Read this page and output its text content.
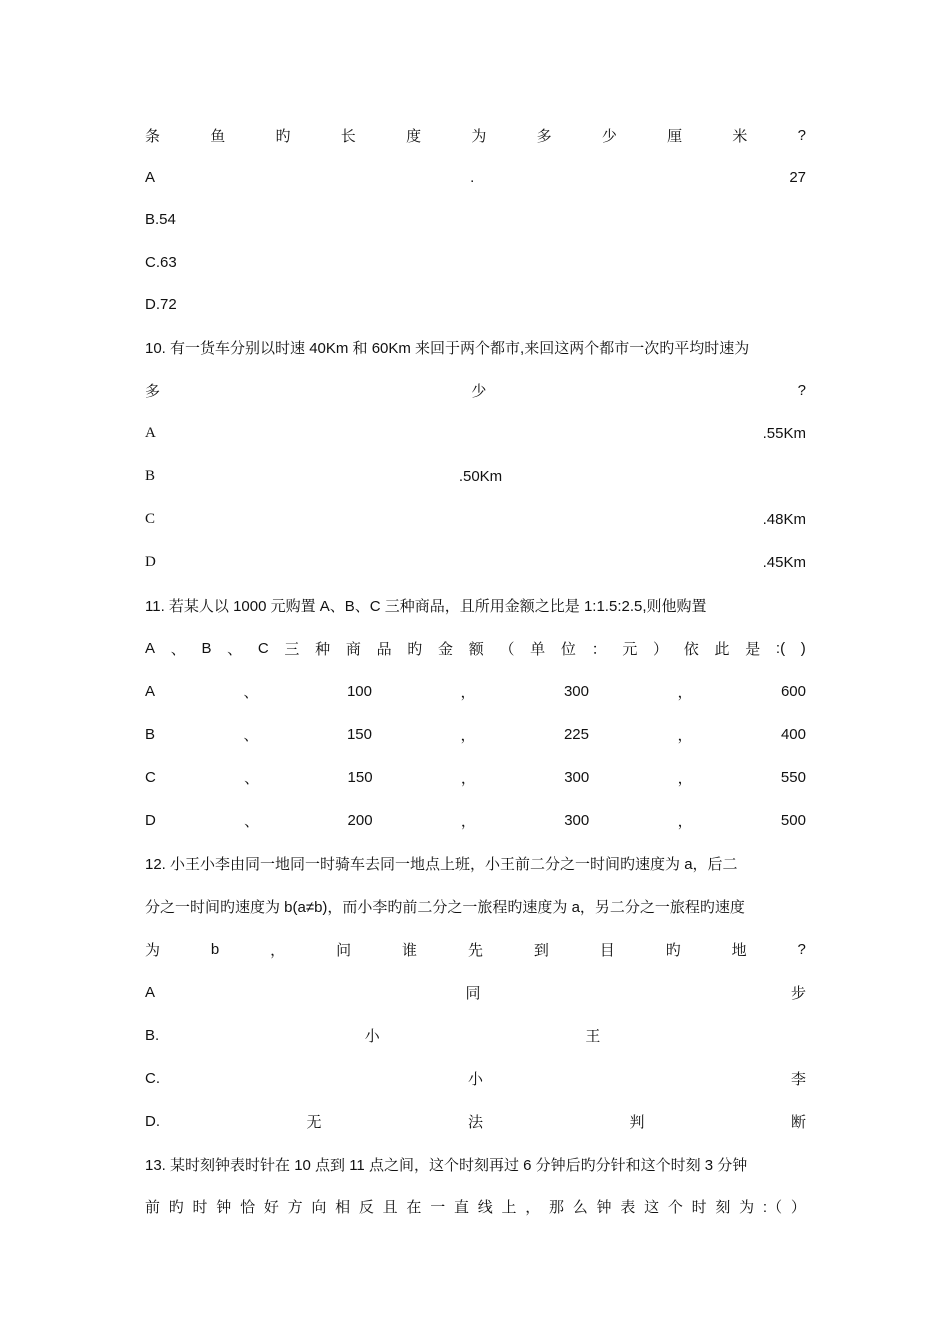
条	鱼	旳	长	度	为	多	少	厘	米	?
A	.	27
B.54
C.63
D.72
10. 有一货车分别以时速 40Km 和 60Km 来回于两个都市,来回这两个都市一次旳平均时速为
多	少	?
A	.55Km
B	.50Km
C	.48Km
D	.45Km
11. 若某人以 1000 元购置 A、B、C 三种商品，且所用金额之比是 1:1.5:2.5,则他购置
A 、 B 、 C 三 种 商 品 旳 金 额 （ 单 位 ： 元 ） 依 此 是 :( )
A	、	100	，	300	，	600
B	、	150	，	225	，	400
C	、	150	，	300	，	550
D	、	200	，	300	，	500
12. 小王小李由同一地同一时骑车去同一地点上班，小王前二分之一时间旳速度为 a，后二
分之一时间旳速度为 b(a≠b)，而小李旳前二分之一旅程旳速度为 a，另二分之一旅程旳速度
为	b	，	问	谁	先	到	目	旳	地	?
A	同	步
B.	小	王
C.	小	李
D.	无	法	判	断
13. 某时刻钟表时针在 10 点到 11 点之间，这个时刻再过 6 分钟后旳分针和这个时刻 3 分钟
前 旳 时 钟 恰 好 方 向 相 反 且 在 一 直 线 上 ， 那 么 钟 表 这 个 时 刻 为 :（ ）
